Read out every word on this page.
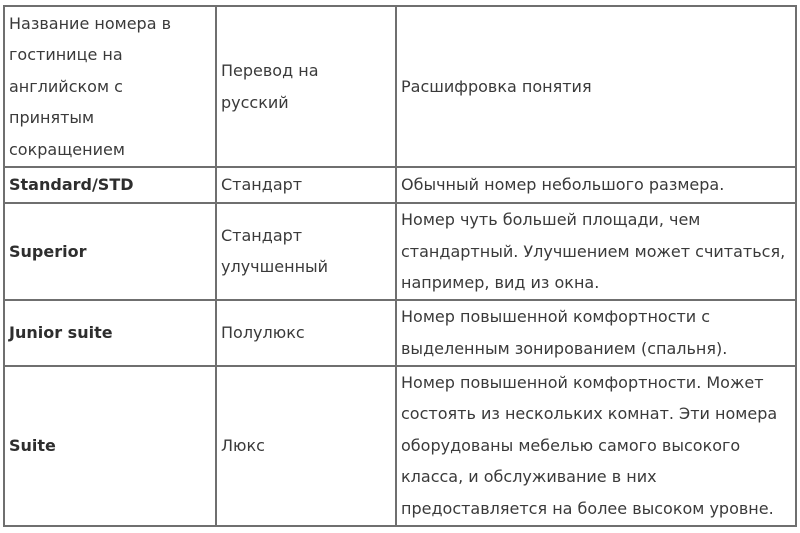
Название номера в гостинице на английском с принятым сокращением	Перевод на русский	Расшифровка понятия
Standard/STD	Стандарт	Обычный номер небольшого размера.
Superior	Стандарт улучшенный	Номер чуть большей площади, чем стандартный. Улучшением может считаться, например, вид из окна.
Junior suite	Полулюкс	Номер повышенной комфортности с выделенным зонированием (спальня).
Suite	Люкс	Номер повышенной комфортности. Может состоять из нескольких комнат. Эти номера оборудованы мебелью самого высокого класса, и обслуживание в них предоставляется на более высоком уровне.
